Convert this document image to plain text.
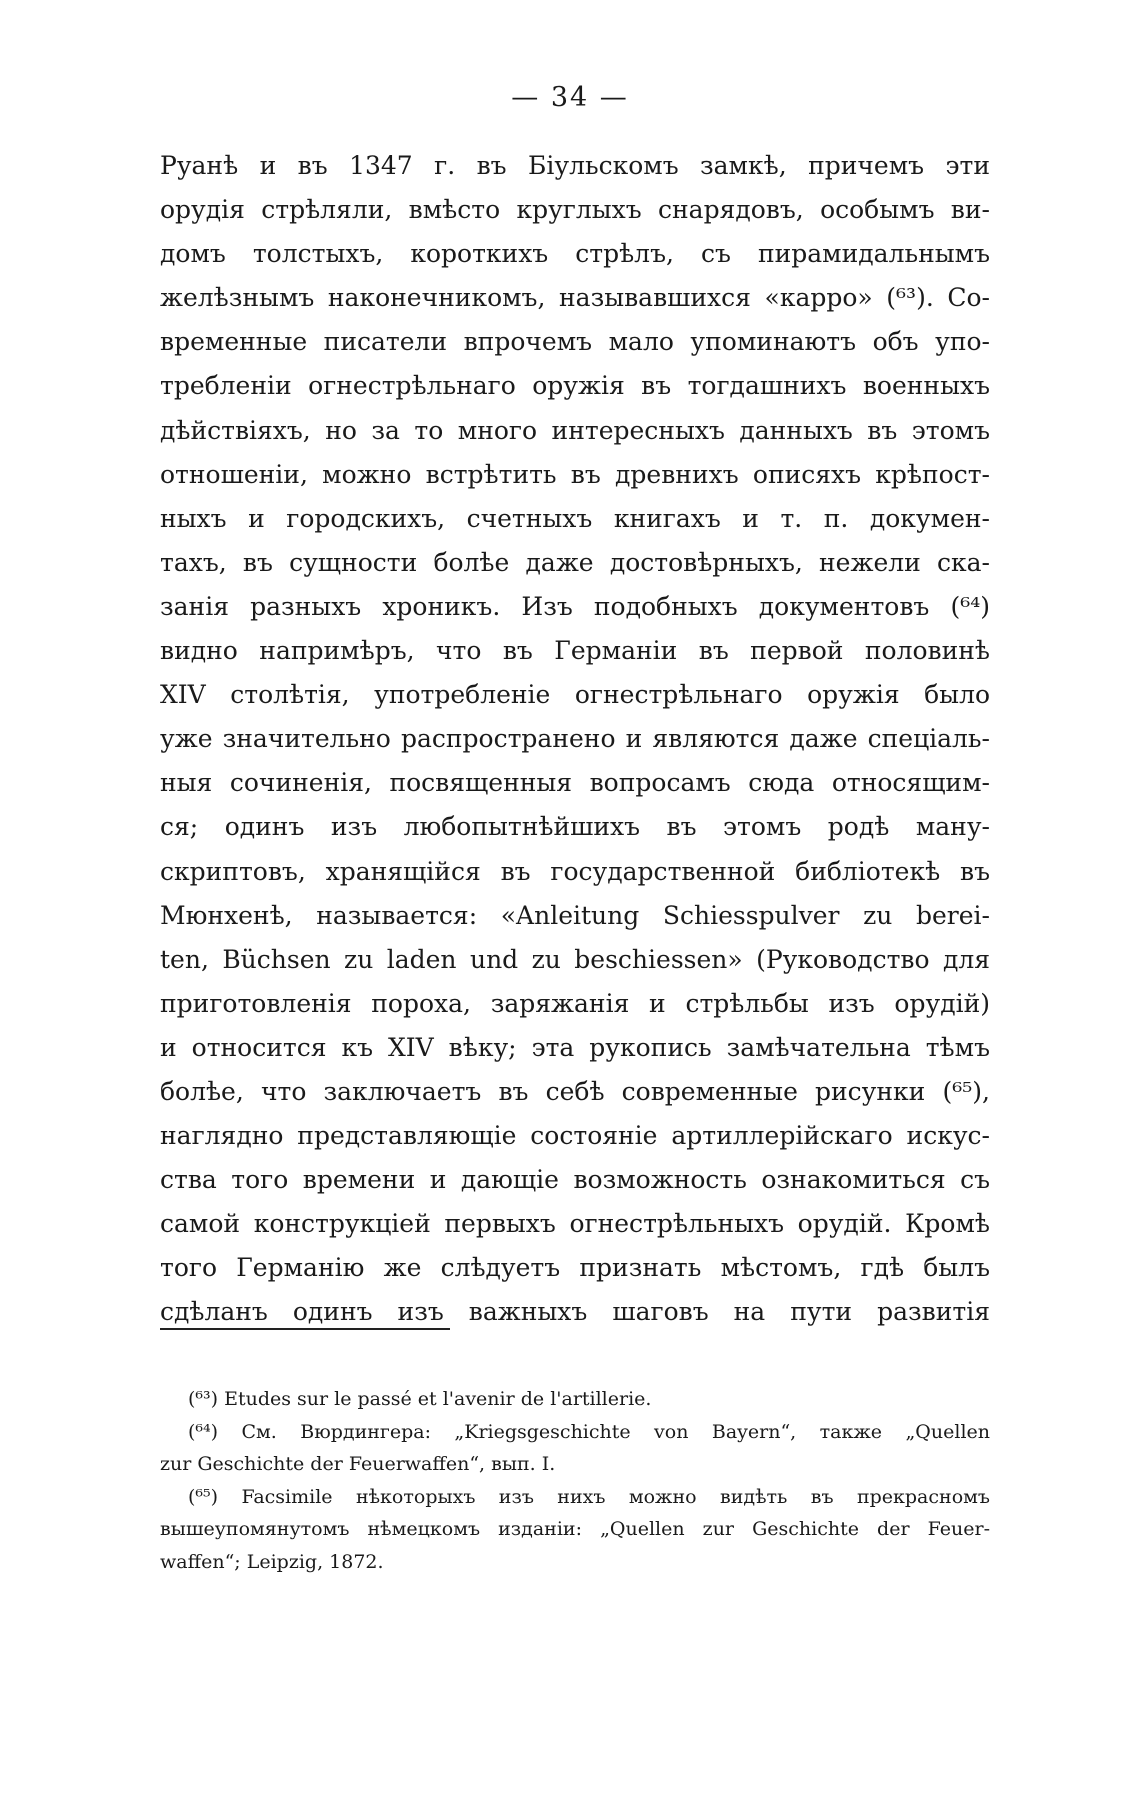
— 34 —
Руанѣ и въ 1347 г. въ Біульскомъ замкѣ, причемъ эти
орудія стрѣляли, вмѣсто круглыхъ снарядовъ, особымъ ви-
домъ толстыхъ, короткихъ стрѣлъ, съ пирамидальнымъ
желѣзнымъ наконечникомъ, называвшихся «карро» (⁶³). Со-
временные писатели впрочемъ мало упоминаютъ объ упо-
требленіи огнестрѣльнаго оружія въ тогдашнихъ военныхъ
дѣйствіяхъ, но за то много интересныхъ данныхъ въ этомъ
отношеніи, можно встрѣтить въ древнихъ описяхъ крѣпост-
ныхъ и городскихъ, счетныхъ книгахъ и т. п. докумен-
тахъ, въ сущности болѣе даже достовѣрныхъ, нежели ска-
занія разныхъ хроникъ. Изъ подобныхъ документовъ (⁶⁴)
видно напримѣръ, что въ Германіи въ первой половинѣ
XIV столѣтія, употребленіе огнестрѣльнаго оружія было
уже значительно распространено и являются даже спеціаль-
ныя сочиненія, посвященныя вопросамъ сюда относящим-
ся; одинъ изъ любопытнѣйшихъ въ этомъ родѣ ману-
скриптовъ, хранящійся въ государственной библіотекѣ въ
Мюнхенѣ, называется: «Anleitung Schiesspulver zu berei-
ten, Büchsen zu laden und zu beschiessen» (Руководство для
приготовленія пороха, заряжанія и стрѣльбы изъ орудій)
и относится къ XIV вѣку; эта рукопись замѣчательна тѣмъ
болѣе, что заключаетъ въ себѣ современные рисунки (⁶⁵),
наглядно представляющіе состояніе артиллерійскаго искус-
ства того времени и дающіе возможность ознакомиться съ
самой конструкціей первыхъ огнестрѣльныхъ орудій. Кромѣ
того Германію же слѣдуетъ признать мѣстомъ, гдѣ былъ
сдѣланъ одинъ изъ важныхъ шаговъ на пути развитія
(⁶³) Etudes sur le passé et l'avenir de l'artillerie.
(⁶⁴) См. Вюрдингера: „Kriegsgeschichte von Bayern“, также „Quellen
zur Geschichte der Feuerwaffen“, вып. I.
(⁶⁵) Facsimile нѣкоторыхъ изъ нихъ можно видѣть въ прекрасномъ
вышеупомянутомъ нѣмецкомъ изданіи: „Quellen zur Geschichte der Feuer-
waffen“; Leipzig, 1872.
